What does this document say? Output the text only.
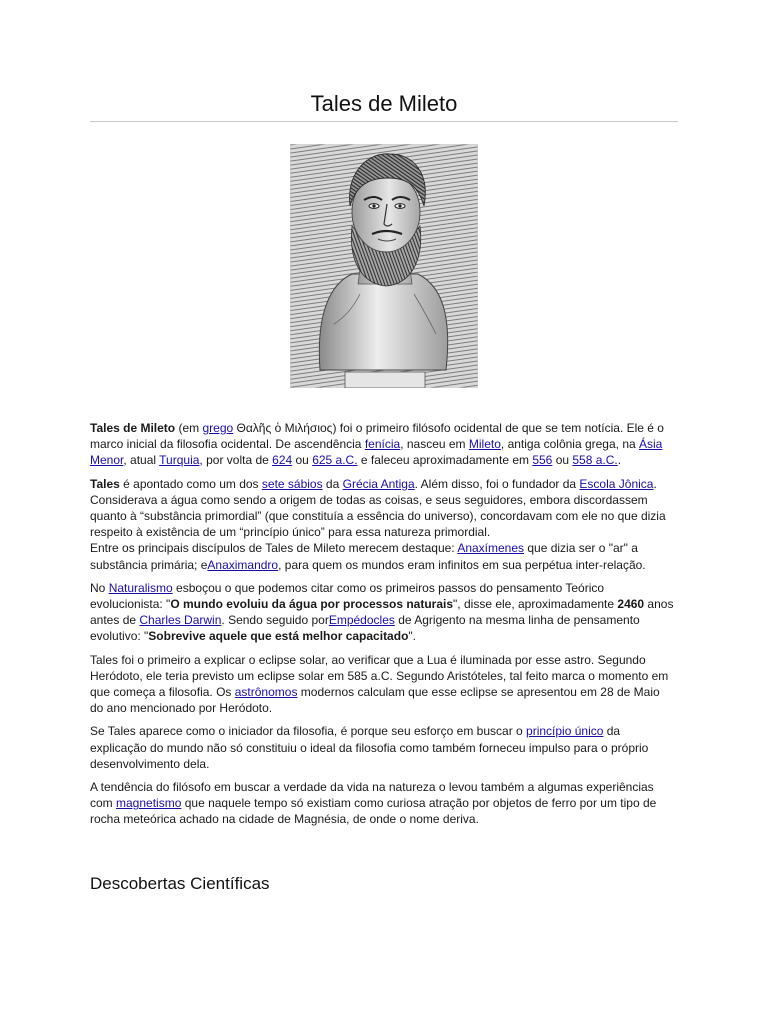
Tales de Mileto

Tales de Mileto (em grego Θαλῆς ὁ Μιλήσιος) foi o primeiro filósofo ocidental de que se tem notícia. Ele é o marco inicial da filosofia ocidental. De ascendência fenícia, nasceu em Mileto, antiga colônia grega, na Ásia Menor, atual Turquia, por volta de 624 ou 625 a.C. e faleceu aproximadamente em 556 ou 558 a.C..

Tales é apontado como um dos sete sábios da Grécia Antiga. Além disso, foi o fundador da Escola Jônica. Considerava a água como sendo a origem de todas as coisas, e seus seguidores, embora discordassem quanto à “substância primordial” (que constituía a essência do universo), concordavam com ele no que dizia respeito à existência de um “princípio único” para essa natureza primordial.

Entre os principais discípulos de Tales de Mileto merecem destaque: Anaxímenes que dizia ser o "ar" a substância primária; eAnaximandro, para quem os mundos eram infinitos em sua perpétua inter-relação.

No Naturalismo esboçou o que podemos citar como os primeiros passos do pensamento Teórico evolucionista: "O mundo evoluiu da água por processos naturais", disse ele, aproximadamente 2460 anos antes de Charles Darwin. Sendo seguido porEmpédocles de Agrigento na mesma linha de pensamento evolutivo: "Sobrevive aquele que está melhor capacitado".

Tales foi o primeiro a explicar o eclipse solar, ao verificar que a Lua é iluminada por esse astro. Segundo Heródoto, ele teria previsto um eclipse solar em 585 a.C. Segundo Aristóteles, tal feito marca o momento em que começa a filosofia. Os astrônomos modernos calculam que esse eclipse se apresentou em 28 de Maio do ano mencionado por Heródoto.

Se Tales aparece como o iniciador da filosofia, é porque seu esforço em buscar o princípio único da explicação do mundo não só constituiu o ideal da filosofia como também forneceu impulso para o próprio desenvolvimento dela.

A tendência do filósofo em buscar a verdade da vida na natureza o levou também a algumas experiências com magnetismo que naquele tempo só existiam como curiosa atração por objetos de ferro por um tipo de rocha meteórica achado na cidade de Magnésia, de onde o nome deriva.

Descobertas Científicas
